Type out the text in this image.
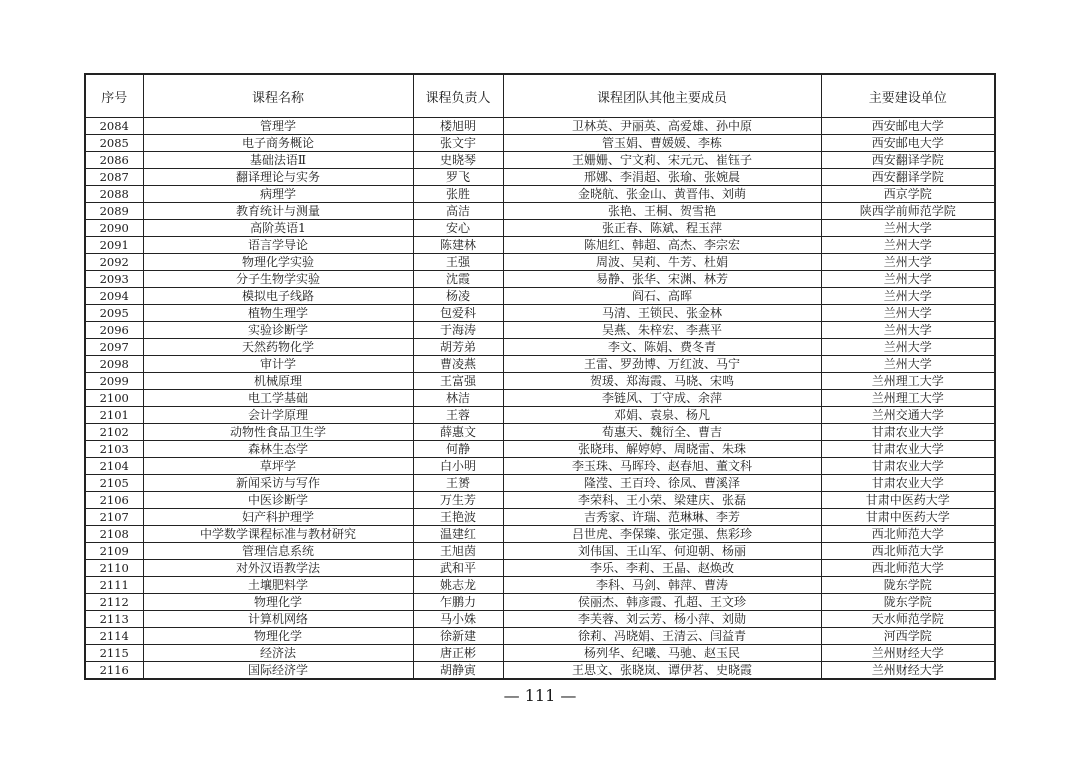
序号	课程名称	课程负责人	课程团队其他主要成员	主要建设单位
2084	管理学	楼旭明	卫林英、尹丽英、高爱雄、孙中原	西安邮电大学
2085	电子商务概论	张文宇	管玉娟、曹媛媛、李栋	西安邮电大学
2086	基础法语Ⅱ	史晓琴	王姗姗、宁文莉、宋元元、崔钰子	西安翻译学院
2087	翻译理论与实务	罗飞	邢娜、李涓超、张瑜、张婉晨	西安翻译学院
2088	病理学	张胜	金晓航、张金山、黄晋伟、刘萌	西京学院
2089	教育统计与测量	高洁	张艳、王桐、贺雪艳	陕西学前师范学院
2090	高阶英语1	安心	张正春、陈斌、程玉萍	兰州大学
2091	语言学导论	陈建林	陈旭红、韩超、高杰、李宗宏	兰州大学
2092	物理化学实验	王强	周波、吴莉、牛芳、杜娟	兰州大学
2093	分子生物学实验	沈霞	易静、张华、宋渊、林芳	兰州大学
2094	模拟电子线路	杨凌	阎石、高晖	兰州大学
2095	植物生理学	包爱科	马清、王锁民、张金林	兰州大学
2096	实验诊断学	于海涛	吴燕、朱梓宏、李燕平	兰州大学
2097	天然药物化学	胡芳弟	李文、陈娟、费冬青	兰州大学
2098	审计学	曹凌燕	王雷、罗劲博、万红波、马宁	兰州大学
2099	机械原理	王富强	贺瑗、郑海霞、马晓、宋鸣	兰州理工大学
2100	电工学基础	林洁	李链风、丁守成、余萍	兰州理工大学
2101	会计学原理	王蓉	邓娟、袁泉、杨凡	兰州交通大学
2102	动物性食品卫生学	薛惠文	荀惠天、魏衍全、曹吉	甘肃农业大学
2103	森林生态学	何静	张晓玮、解婷婷、周晓雷、朱珠	甘肃农业大学
2104	草坪学	白小明	李玉珠、马晖玲、赵春旭、董文科	甘肃农业大学
2105	新闻采访与写作	王赟	隆滢、王百玲、徐凤、曹溪泽	甘肃农业大学
2106	中医诊断学	万生芳	李荣科、王小荣、梁建庆、张磊	甘肃中医药大学
2107	妇产科护理学	王艳波	吉秀家、许瑞、范琳琳、李芳	甘肃中医药大学
2108	中学数学课程标准与教材研究	温建红	吕世虎、李保臻、张定强、焦彩珍	西北师范大学
2109	管理信息系统	王旭茵	刘伟国、王山军、何迎朝、杨丽	西北师范大学
2110	对外汉语教学法	武和平	李乐、李莉、王晶、赵焕改	西北师范大学
2111	土壤肥料学	姚志龙	李科、马剑、韩萍、曹涛	陇东学院
2112	物理化学	乍鹏力	侯丽杰、韩彦霞、孔超、王文珍	陇东学院
2113	计算机网络	马小姝	李芙蓉、刘云芳、杨小萍、刘勋	天水师范学院
2114	物理化学	徐新建	徐莉、冯晓娟、王清云、闫益青	河西学院
2115	经济法	唐正彬	杨列华、纪曦、马驰、赵玉民	兰州财经大学
2116	国际经济学	胡静寅	王思文、张晓岚、谭伊茗、史晓霞	兰州财经大学
— 111 —
